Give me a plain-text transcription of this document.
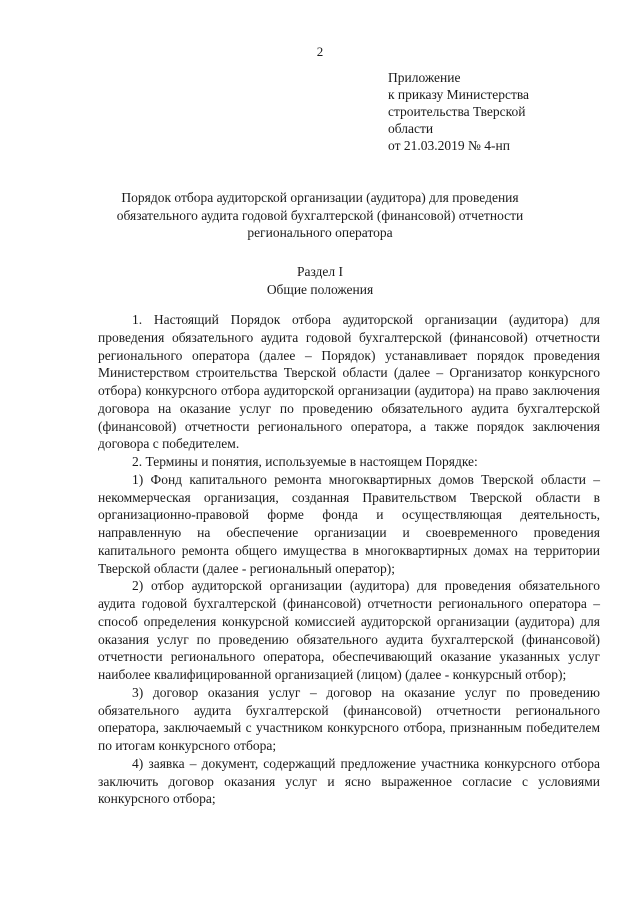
2
Приложение
к приказу Министерства
строительства Тверской
области
от 21.03.2019 № 4-нп
Порядок отбора аудиторской организации (аудитора) для проведения обязательного аудита годовой бухгалтерской (финансовой) отчетности регионального оператора
Раздел I
Общие положения

1. Настоящий Порядок отбора аудиторской организации (аудитора) для проведения обязательного аудита годовой бухгалтерской (финансовой) отчетности регионального оператора (далее – Порядок) устанавливает порядок проведения Министерством строительства Тверской области (далее – Организатор конкурсного отбора) конкурсного отбора аудиторской организации (аудитора) на право заключения договора на оказание услуг по проведению обязательного аудита бухгалтерской (финансовой) отчетности регионального оператора, а также порядок заключения договора с победителем.

2. Термины и понятия, используемые в настоящем Порядке:

1) Фонд капитального ремонта многоквартирных домов Тверской области – некоммерческая организация, созданная Правительством Тверской области в организационно-правовой форме фонда и осуществляющая деятельность, направленную на обеспечение организации и своевременного проведения капитального ремонта общего имущества в многоквартирных домах на территории Тверской области (далее - региональный оператор);

2) отбор аудиторской организации (аудитора) для проведения обязательного аудита годовой бухгалтерской (финансовой) отчетности регионального оператора – способ определения конкурсной комиссией аудиторской организации (аудитора) для оказания услуг по проведению обязательного аудита бухгалтерской (финансовой) отчетности регионального оператора, обеспечивающий оказание указанных услуг наиболее квалифицированной организацией (лицом) (далее - конкурсный отбор);

3) договор оказания услуг – договор на оказание услуг по проведению обязательного аудита бухгалтерской (финансовой) отчетности регионального оператора, заключаемый с участником конкурсного отбора, признанным победителем по итогам конкурсного отбора;

4) заявка – документ, содержащий предложение участника конкурсного отбора заключить договор оказания услуг и ясно выраженное согласие с условиями конкурсного отбора;
